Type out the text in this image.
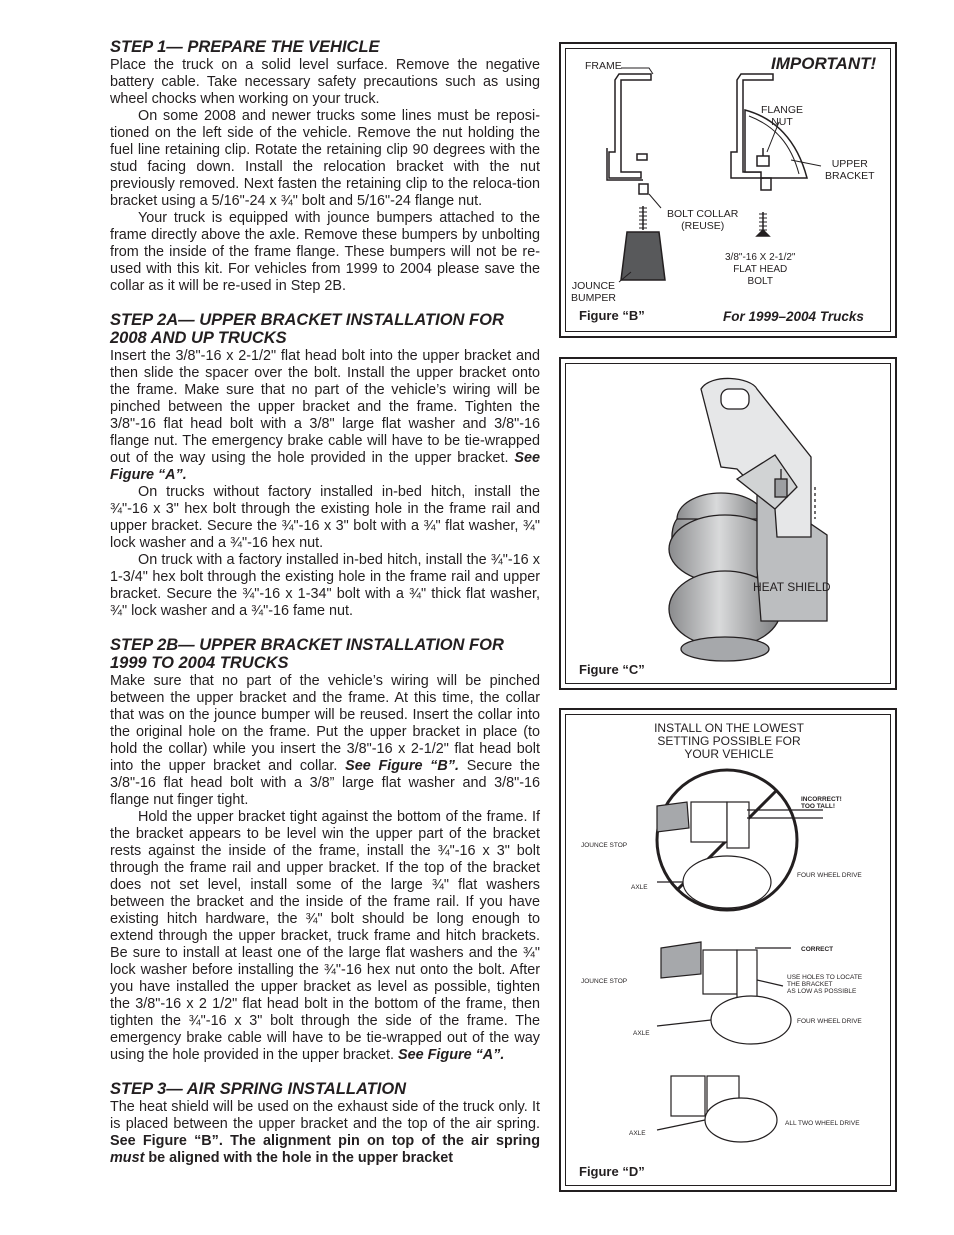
STEP 1— PREPARE THE VEHICLE

Place the truck on a solid level surface. Remove the negative battery cable. Take necessary safety precautions such as using wheel chocks when working on your truck.

On some 2008 and newer trucks some lines must be reposi-tioned on the left side of the vehicle. Remove the nut holding the fuel line retaining clip. Rotate the retaining clip 90 degrees with the stud facing down. Install the relocation bracket with the nut previously removed. Next fasten the retaining clip to the reloca-tion bracket using a 5/16"-24 x ¾" bolt and 5/16"-24 flange nut.

Your truck is equipped with jounce bumpers attached to the frame directly above the axle. Remove these bumpers by unbolting from the inside of the frame flange. These bumpers will not be re-used with this kit. For vehicles from 1999 to 2004 please save the collar as it will be re-used in Step 2B.

STEP 2A— UPPER BRACKET INSTALLATION FOR 2008 AND UP TRUCKS

Insert the 3/8"-16 x 2-1/2" flat head bolt into the upper bracket and then slide the spacer over the bolt. Install the upper bracket onto the frame. Make sure that no part of the vehicle’s wiring will be pinched between the upper bracket and the frame. Tighten the 3/8"-16 flat head bolt with a 3/8" large flat washer and 3/8"-16 flange nut. The emergency brake cable will have to be tie-wrapped out of the way using the hole provided in the upper bracket. See Figure “A”.

On trucks without factory installed in-bed hitch, install the ¾"-16 x 3" hex bolt through the existing hole in the frame rail and upper bracket. Secure the ¾"-16 x 3" bolt with a ¾" flat washer, ¾" lock washer and a ¾"-16 hex nut.

On truck with a factory installed in-bed hitch, install the ¾"-16 x 1-3/4" hex bolt through the existing hole in the frame rail and upper bracket. Secure the ¾"-16 x 1-34" bolt with a ¾" thick flat washer, ¾" lock washer and a ¾"-16 fame nut.

STEP 2B— UPPER BRACKET INSTALLATION FOR 1999 TO 2004 TRUCKS

Make sure that no part of the vehicle’s wiring will be pinched between the upper bracket and the frame. At this time, the collar that was on the jounce bumper will be reused. Insert the collar into the original hole on the frame. Put the upper bracket in place (to hold the collar) while you insert the 3/8"-16 x 2-1/2" flat head bolt into the upper bracket and collar. See Figure “B”. Secure the 3/8"-16 flat head bolt with a 3/8” large flat washer and 3/8"-16 flange nut finger tight.

Hold the upper bracket tight against the bottom of the frame. If the bracket appears to be level win the upper part of the bracket rests against the inside of the frame, install the ¾"-16 x 3" bolt through the frame rail and upper bracket. If the top of the bracket does not set level, install some of the large ¾" flat washers between the bracket and the inside of the frame rail. If you have existing hitch hardware, the ¾" bolt should be long enough to extend through the upper bracket, truck frame and hitch brackets. Be sure to install at least one of the large flat washers and the ¾" lock washer before installing the ¾"-16 hex nut onto the bolt. After you have installed the upper bracket as level as possible, tighten the 3/8"-16 x 2 1/2" flat head bolt in the bottom of the frame, then tighten the ¾"-16 x 3" bolt through the side of the frame. The emergency brake cable will have to be tie-wrapped out of the way using the hole provided in the upper bracket. See Figure “A”.

STEP 3— AIR SPRING INSTALLATION

The heat shield will be used on the exhaust side of the truck only. It is placed between the upper bracket and the top of the air spring. See Figure “B”. The alignment pin on top of the air spring must be aligned with the hole in the upper bracket

FRAME	IMPORTANT!
FLANGE
NUT
UPPER
BRACKET
BOLT COLLAR
(REUSE)
3/8"-16 X 2-1/2"
FLAT HEAD
BOLT
JOUNCE
BUMPER
Figure “B”	For 1999–2004 Trucks
HEAT SHIELD
Figure “C”
INSTALL ON THE LOWEST
SETTING POSSIBLE FOR
YOUR VEHICLE
INCORRECT!
TOO TALL!
JOUNCE STOP
AXLE
FOUR WHEEL DRIVE
CORRECT
JOUNCE STOP
USE HOLES TO LOCATE
THE BRACKET
AS LOW AS POSSIBLE
AXLE
FOUR WHEEL DRIVE
AXLE
ALL TWO WHEEL DRIVE
Figure “D”
